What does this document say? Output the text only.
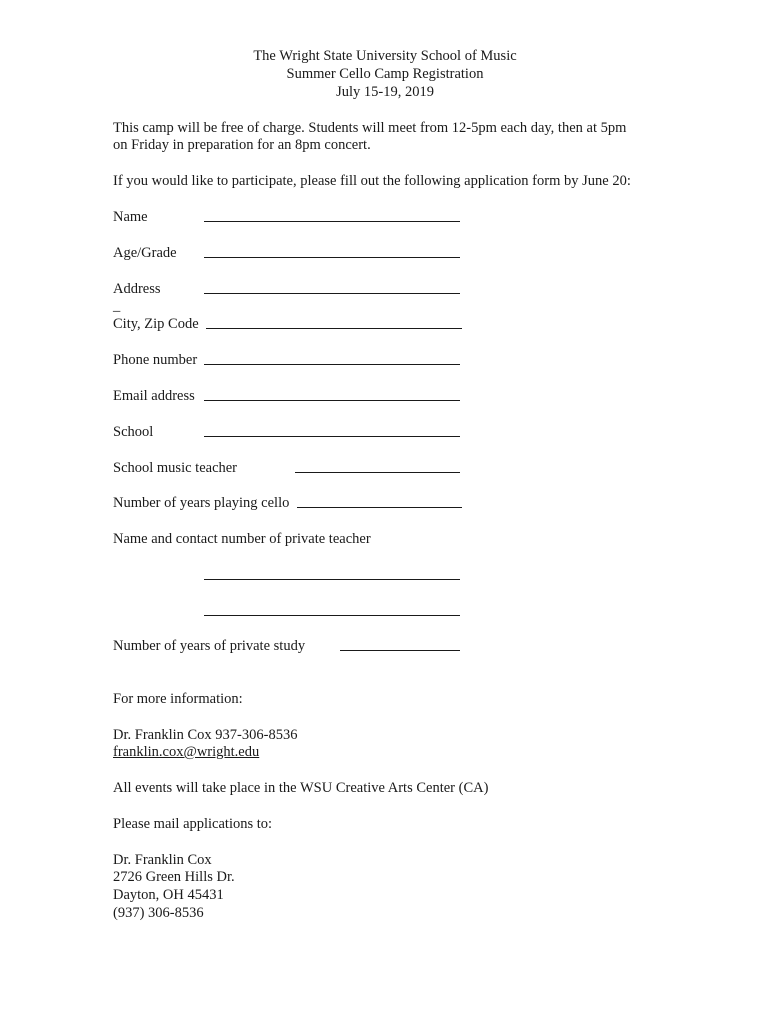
The Wright State University School of Music
Summer Cello Camp Registration
July 15-19, 2019
This camp will be free of charge. Students will meet from 12-5pm each day, then at 5pm
on Friday in preparation for an 8pm concert.
If you would like to participate, please fill out the following application form by June 20:
Name
Age/Grade
Address
_
City, Zip Code
Phone number
Email address
School
School music teacher
Number of years playing cello
Name and contact number of private teacher
Number of years of private study
For more information:
Dr. Franklin Cox 937-306-8536
franklin.cox@wright.edu
All events will take place in the WSU Creative Arts Center (CA)
Please mail applications to:
Dr. Franklin Cox
2726 Green Hills Dr.
Dayton, OH 45431
(937) 306-8536
